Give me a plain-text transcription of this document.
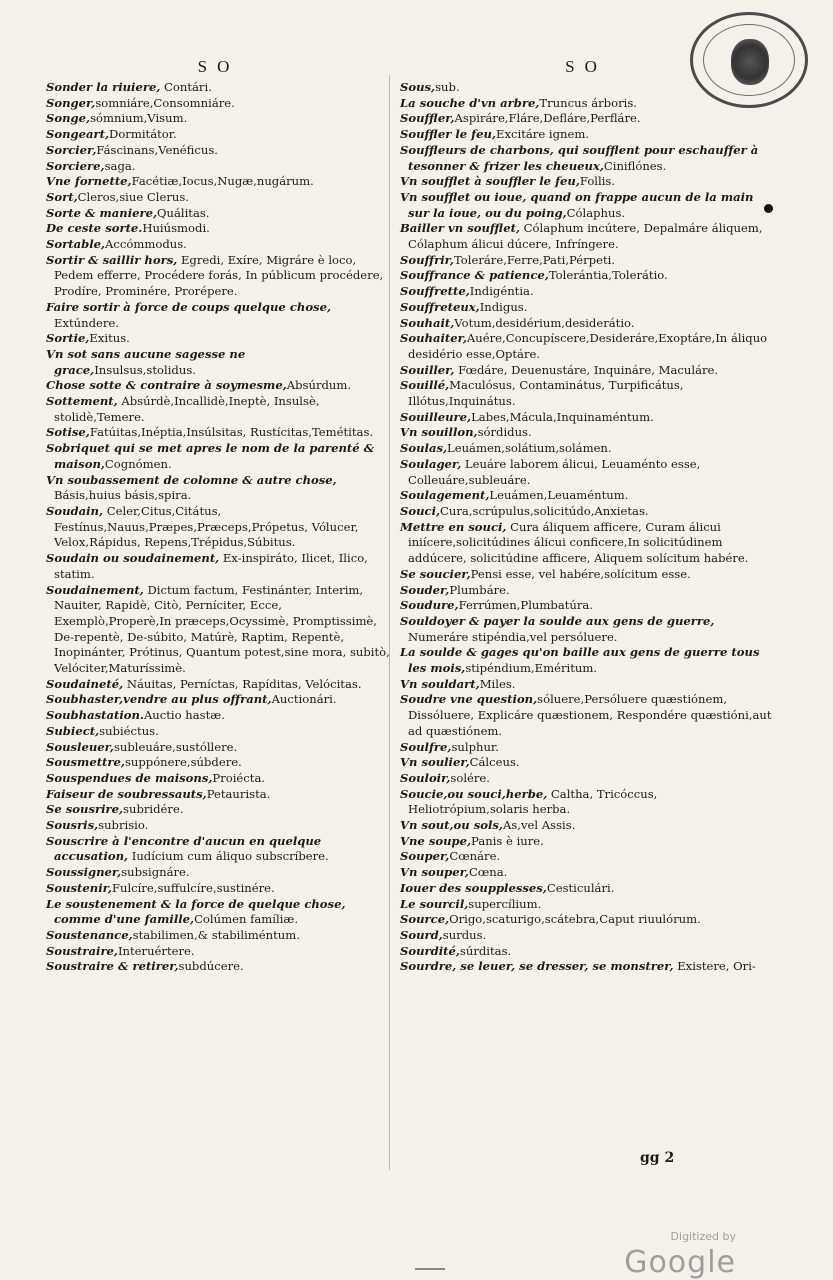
SO

Sonder la riuiere, Contári.

Songer,somniáre,Consomniáre.

Songe,sómnium,Visum.

Songeart,Dormitátor.

Sorcier,Fáscinans,Venéficus.

Sorciere,saga.

Vne fornette,Facétiæ,Iocus,Nugæ,nugárum.

Sort,Cleros,siue Clerus.

Sorte & maniere,Quálitas.

De ceste sorte.Huiúsmodi.

Sortable,Accómmodus.

Sortir & saillir hors, Egredi, Exíre, Migráre è loco, Pedem efferre, Procédere forás, In públicum procédere, Prodíre, Prominére, Prorépere.

Faire sortir à force de coups quelque chose, Extúndere.

Sortie,Exitus.

Vn sot sans aucune sagesse ne grace,Insulsus,stolidus.

Chose sotte & contraire à soymesme,Absúrdum.

Sottement, Absúrdè,Incallidè,Ineptè, Insulsè, stolidè,Temere.

Sotise,Fatúitas,Inéptia,Insúlsitas, Rustícitas,Temétitas.

Sobriquet qui se met apres le nom de la parenté & maison,Cognómen.

Vn soubassement de colomne & autre chose, Básis,huius básis,spira.

Soudain, Celer,Citus,Citátus, Festínus,Nauus,Præpes,Præceps,Própetus, Vólucer, Velox,Rápidus, Repens,Trépidus,Súbitus.

Soudain ou soudainement, Ex-inspiráto, Ilicet, Ilico, statim.

Soudainement, Dictum factum, Festinánter, Interim, Nauiter, Rapidè, Citò, Perníciter, Ecce, Exemplò,Properè,In præceps,Ocyssimè, Promptissimè, De-repentè, De-súbito, Matúrè, Raptim, Repentè, Inopinánter, Prótinus, Quantum potest,sine mora, subitò, Velóciter,Maturíssimè.

Soudaineté, Náuitas, Perníctas, Rapíditas, Velócitas.

Soubhaster,vendre au plus offrant,Auctionári.

Soubhastation.Auctio hastæ.

Subiect,subiéctus.

Sousleuer,subleuáre,sustóllere.

Sousmettre,suppónere,súbdere.

Souspendues de maisons,Proiécta.

Faiseur de soubressauts,Petaurista.

Se sousrire,subridére.

Sousris,subrisio.

Souscrire à l'encontre d'aucun en quelque accusation, Iudícium cum áliquo subscríbere.

Soussigner,subsignáre.

Soustenir,Fulcíre,suffulcíre,sustinére.

Le soustenement & la force de quelque chose, comme d'une famille,Colúmen famíliæ.

Soustenance,stabilimen,& stabiliméntum.

Soustraire,Interuértere.

Soustraire & retirer,subdúcere.

SO

Sous,sub.

La souche d'vn arbre,Truncus árboris.

Souffler,Aspiráre,Fláre,Defláre,Perfláre.

Souffler le feu,Excitáre ignem.

Souffleurs de charbons, qui soufflent pour eschauffer à tesonner & frizer les cheueux,Ciniflónes.

Vn soufflet à souffler le feu,Follis.

Vn soufflet ou ioue, quand on frappe aucun de la main sur la ioue, ou du poing,Cólaphus.

Bailler vn soufflet, Cólaphum incútere, Depalmáre áliquem, Cólaphum álicui dúcere, Infríngere.

Souffrir,Toleráre,Ferre,Pati,Pérpeti.

Souffrance & patience,Tolerántia,Tolerátio.

Souffrette,Indigéntia.

Souffreteux,Indigus.

Souhait,Votum,desidérium,desiderátio.

Souhaiter,Auére,Concupíscere,Desideráre,Exoptáre,In áliquo desidério esse,Optáre.

Souiller, Fœdáre, Deuenustáre, Inquináre, Maculáre.

Souillé,Maculósus, Contaminátus, Turpificátus, Illótus,Inquinátus.

Souilleure,Labes,Mácula,Inquinaméntum.

Vn souillon,sórdidus.

Soulas,Leuámen,solátium,solámen.

Soulager, Leuáre laborem álicui, Leuaménto esse, Colleuáre,subleuáre.

Soulagement,Leuámen,Leuaméntum.

Souci,Cura,scrúpulus,solicitúdo,Anxietas.

Mettre en souci, Cura áliquem afficere, Curam álicui iniícere,solicitúdines álicui conficere,In solicitúdinem addúcere, solicitúdine afficere, Aliquem solícitum habére.

Se soucier,Pensi esse, vel habére,solícitum esse.

Souder,Plumbáre.

Soudure,Ferrúmen,Plumbatúra.

Souldoyer & payer la soulde aux gens de guerre, Numeráre stipéndia,vel persóluere.

La soulde & gages qu'on baille aux gens de guerre tous les mois,stipéndium,Eméritum.

Vn souldart,Miles.

Soudre vne question,sóluere,Persóluere quæstiónem, Dissóluere, Explicáre quæstionem, Respondére quæstióni,aut ad quæstiónem.

Soulfre,sulphur.

Vn soulier,Cálceus.

Souloir,solére.

Soucie,ou souci,herbe, Caltha, Tricóccus, Heliotrópium,solaris herba.

Vn sout,ou sols,As,vel Assis.

Vne soupe,Panis è iure.

Souper,Cœnáre.

Vn souper,Cœna.

Iouer des soupplesses,Cesticulári.

Le sourcil,supercílium.

Source,Origo,scaturigo,scátebra,Caput riuulórum.

Sourd,surdus.

Sourdité,súrditas.

Sourdre, se leuer, se dresser, se monstrer, Existere, Ori-

gg 2
Digitized by Google
